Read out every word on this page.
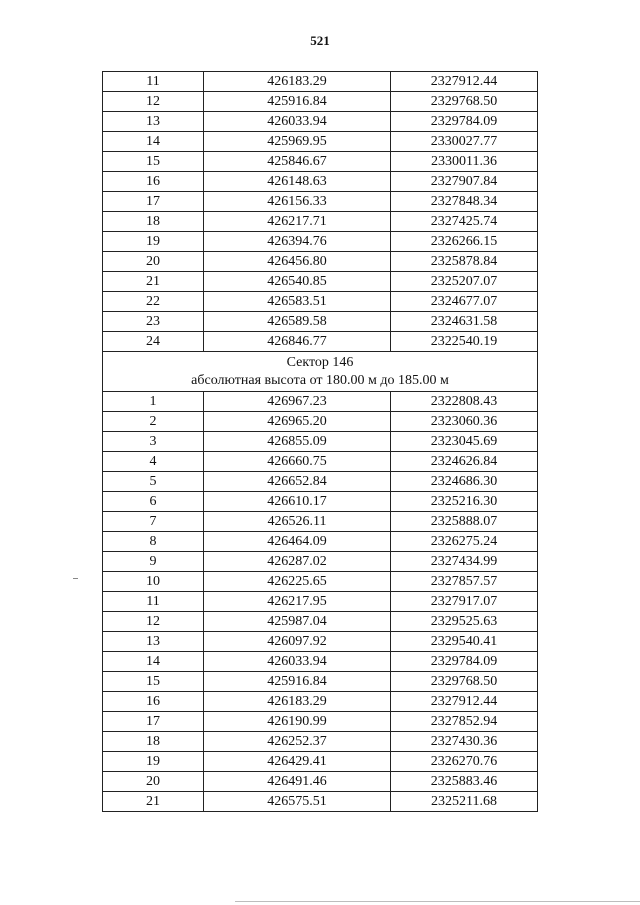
521
11	426183.29	2327912.44
12	425916.84	2329768.50
13	426033.94	2329784.09
14	425969.95	2330027.77
15	425846.67	2330011.36
16	426148.63	2327907.84
17	426156.33	2327848.34
18	426217.71	2327425.74
19	426394.76	2326266.15
20	426456.80	2325878.84
21	426540.85	2325207.07
22	426583.51	2324677.07
23	426589.58	2324631.58
24	426846.77	2322540.19

Сектор 146
абсолютная высота от 180.00 м до 185.00 м		

1	426967.23	2322808.43
2	426965.20	2323060.36
3	426855.09	2323045.69
4	426660.75	2324626.84
5	426652.84	2324686.30
6	426610.17	2325216.30
7	426526.11	2325888.07
8	426464.09	2326275.24
9	426287.02	2327434.99
10	426225.65	2327857.57
11	426217.95	2327917.07
12	425987.04	2329525.63
13	426097.92	2329540.41
14	426033.94	2329784.09
15	425916.84	2329768.50
16	426183.29	2327912.44
17	426190.99	2327852.94
18	426252.37	2327430.36
19	426429.41	2326270.76
20	426491.46	2325883.46
21	426575.51	2325211.68
